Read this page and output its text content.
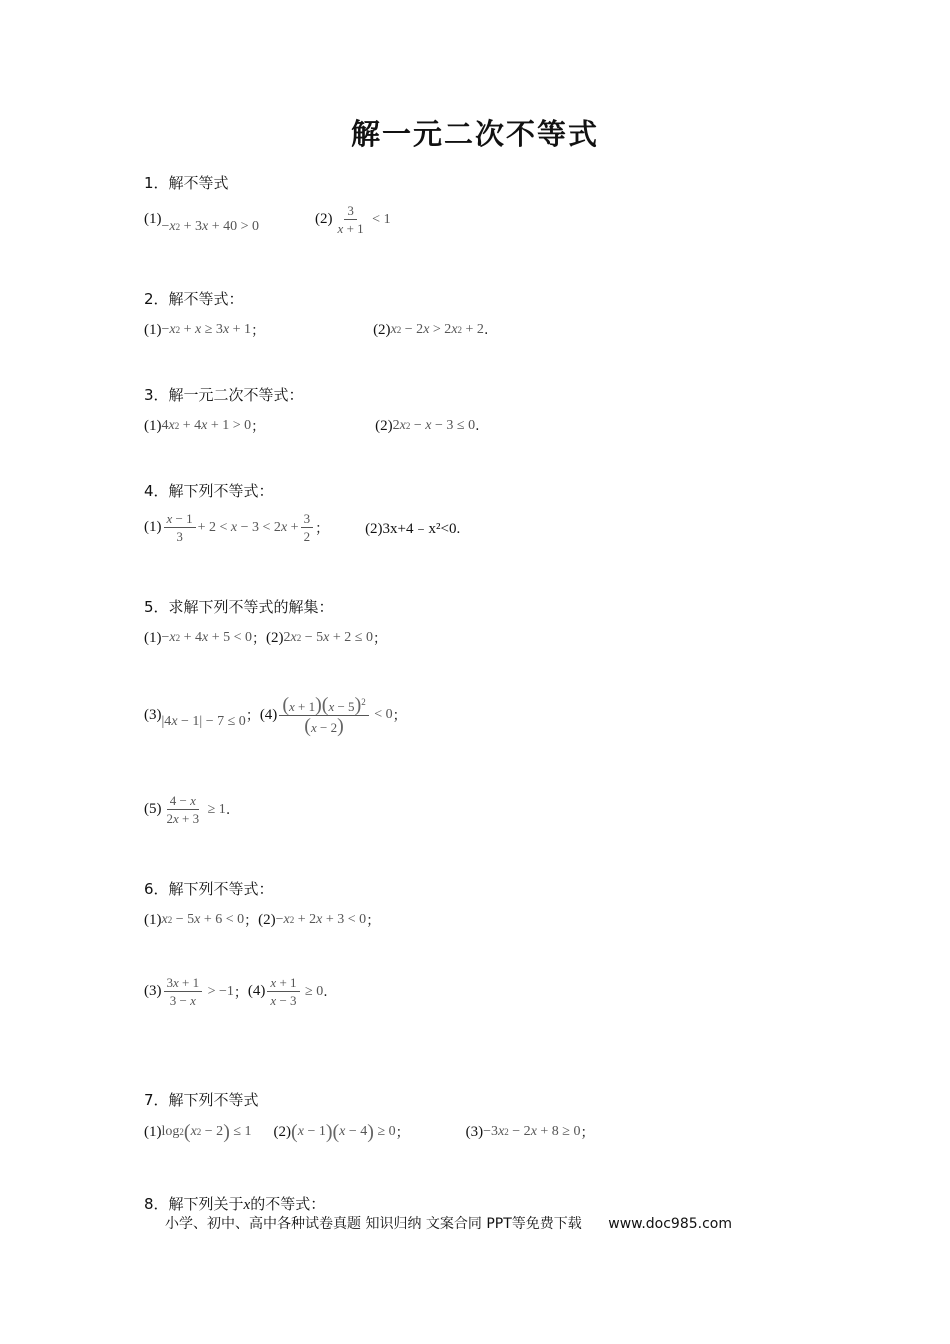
解一元二次不等式
1．解不等式
(1) − x 2 + 3 x + 40 > 0	$(2) \frac{3}{x + 1} < 1$
2．解不等式：
(1) − x 2 + x ≥ 3 x + 1 ；	(2) x 2 − 2 x > 2 x 2 + 2 .
3．解一元二次不等式：
(1) 4 x 2 + 4 x + 1 > 0 ；	(2) 2 x 2 − x − 3 ≤ 0 .
4．解下列不等式：
$(1) \frac{x - 1}{3} + 2 < x - 3 < 2$ $x + \frac{3}{2}$ ； (2)3x+4﹣x²<0.
5．求解下列不等式的解集：
(1) − x 2 + 4 x + 5 < 0 ； (2) 2 x 2 − 5 x + 2 ≤ 0 ；
(3) |4 x − 1| − 7 ≤ 0 ； $(4) \frac{(x + 1)(x - 5)^2}{(x - 2)} < 0$ ；
$(5) \frac{4 - x}{2x + 3} \ge 1$ .
6．解下列不等式：
(1) x 2 − 5 x + 6 < 0 ； (2) − x 2 + 2 x + 3 < 0 ；
$(3) \frac{3x + 1}{3 - x} > -1$ ； $(4) \frac{x + 1}{x - 3} \ge 0$ .
7．解下列不等式
(1) log 2 ( x 2 − 2 ) ≤ 1 (2) ( x − 1 )( x − 4 ) ≥ 0 ；	(3) −3 x 2 − 2 x + 8 ≥ 0 ；
8．解下列关于x的不等式：
小学、初中、高中各种试卷真题 知识归纳 文案合同 PPT等免费下载 www.doc985.com
